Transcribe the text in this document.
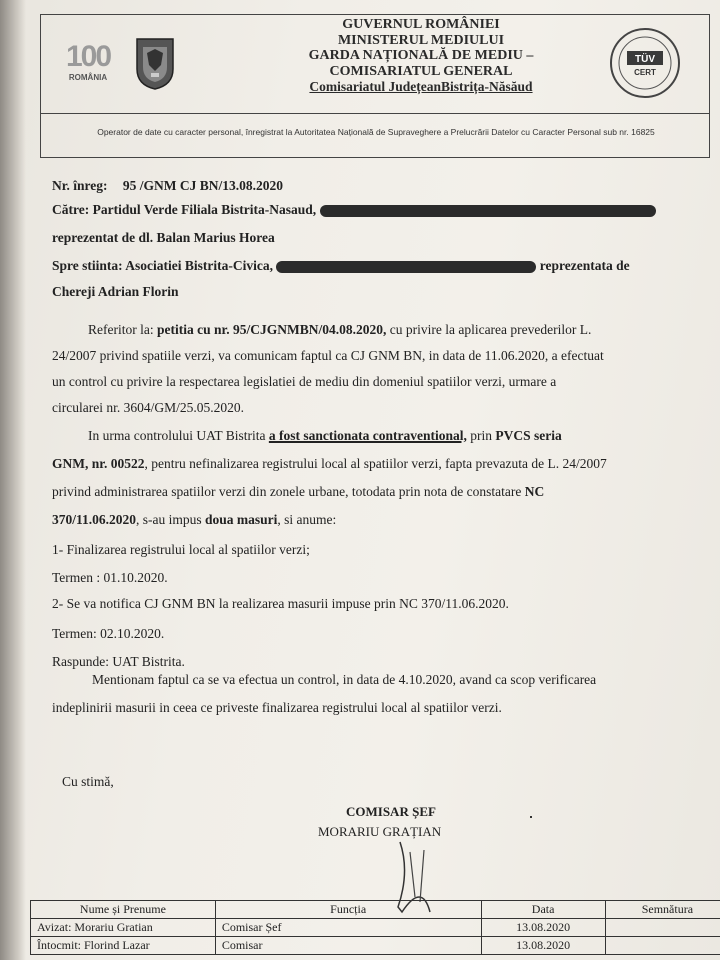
100
ROMÂNIA
GUVERNUL ROMÂNIEI
MINISTERUL MEDIULUI
GARDA NAȚIONALĂ DE MEDIU –
COMISARIATUL GENERAL
Comisariatul JudețeanBistrița-Năsăud
TÜV
CERT
Operator de date cu caracter personal, înregistrat la Autoritatea Națională de Supraveghere a Prelucrării Datelor cu Caracter Personal sub nr. 16825
Nr. înreg: 95 /GNM CJ BN/13.08.2020
Către: Partidul Verde Filiala Bistrita-Nasaud,
reprezentat de dl. Balan Marius Horea
Spre stiinta: Asociatiei Bistrita-Civica,	reprezentata de
Chereji Adrian Florin
Referitor la: petitia cu nr. 95/CJGNMBN/04.08.2020, cu privire la aplicarea prevederilor L.
24/2007 privind spatiile verzi, va comunicam faptul ca CJ GNM BN, in data de 11.06.2020, a efectuat
un control cu privire la respectarea legislatiei de mediu din domeniul spatiilor verzi, urmare a
circularei nr. 3604/GM/25.05.2020.
In urma controlului UAT Bistrita a fost sanctionata contraventional, prin PVCS seria
GNM, nr. 00522, pentru nefinalizarea registrului local al spatiilor verzi, fapta prevazuta de L. 24/2007
privind administrarea spatiilor verzi din zonele urbane, totodata prin nota de constatare NC
370/11.06.2020, s-au impus doua masuri, si anume:
1- Finalizarea registrului local al spatiilor verzi;
Termen : 01.10.2020.
2- Se va notifica CJ GNM BN la realizarea masurii impuse prin NC 370/11.06.2020.
Termen: 02.10.2020.
Raspunde: UAT Bistrita.
Mentionam faptul ca se va efectua un control, in data de 4.10.2020, avand ca scop verificarea
indeplinirii masurii in ceea ce priveste finalizarea registrului local al spatiilor verzi.
Cu stimă,
COMISAR ȘEF
MORARIU GRAȚIAN
Nume și Prenume	Funcția	Data	Semnătura
Avizat: Morariu Gratian	Comisar Șef	13.08.2020	
Întocmit: Florind Lazar	Comisar	13.08.2020	
